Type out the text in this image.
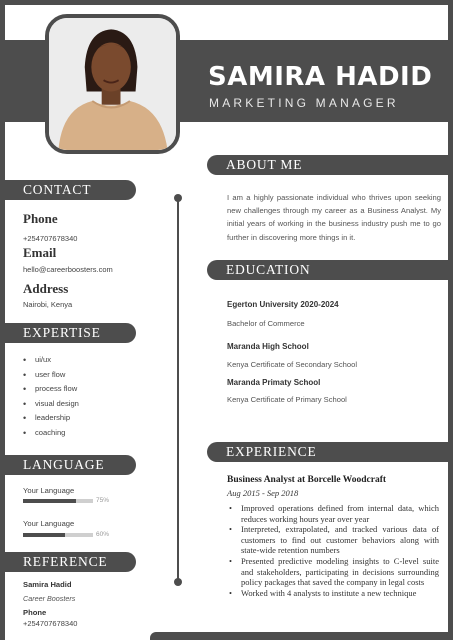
SAMIRA HADID
MARKETING MANAGER
CONTACT
Phone
+254707678340
Email
hello@careerboosters.com
Address
Nairobi, Kenya
EXPERTISE
• ui/ux
• user flow
• process flow
• visual design
• leadership
• coaching
LANGUAGE
Your Language
75%
Your Language
60%
REFERENCE
Samira Hadid
Career Boosters
Phone
+254707678340
ABOUT ME
I am a highly passionate individual who thrives upon seeking new challenges through my career as a Business Analyst. My initial years of working in the business industry push me to go further in discovering more things in it.
EDUCATION
Egerton University 2020-2024
Bachelor of Commerce
Maranda High School
Kenya Certificate of Secondary School
Maranda Primaty School
Kenya Certificate of Primary School
EXPERIENCE
Business Analyst at Borcelle Woodcraft
Aug 2015 - Sep 2018
• Improved operations defined from internal data, which reduces working hours year over year
• Interpreted, extrapolated, and tracked various data of customers to find out customer behaviors along with state-wide retention numbers
• Presented predictive modeling insights to C-level suite and stakeholders, participating in decisions surrounding policy packages that saved the company in legal costs
• Worked with 4 analysts to institute a new technique
